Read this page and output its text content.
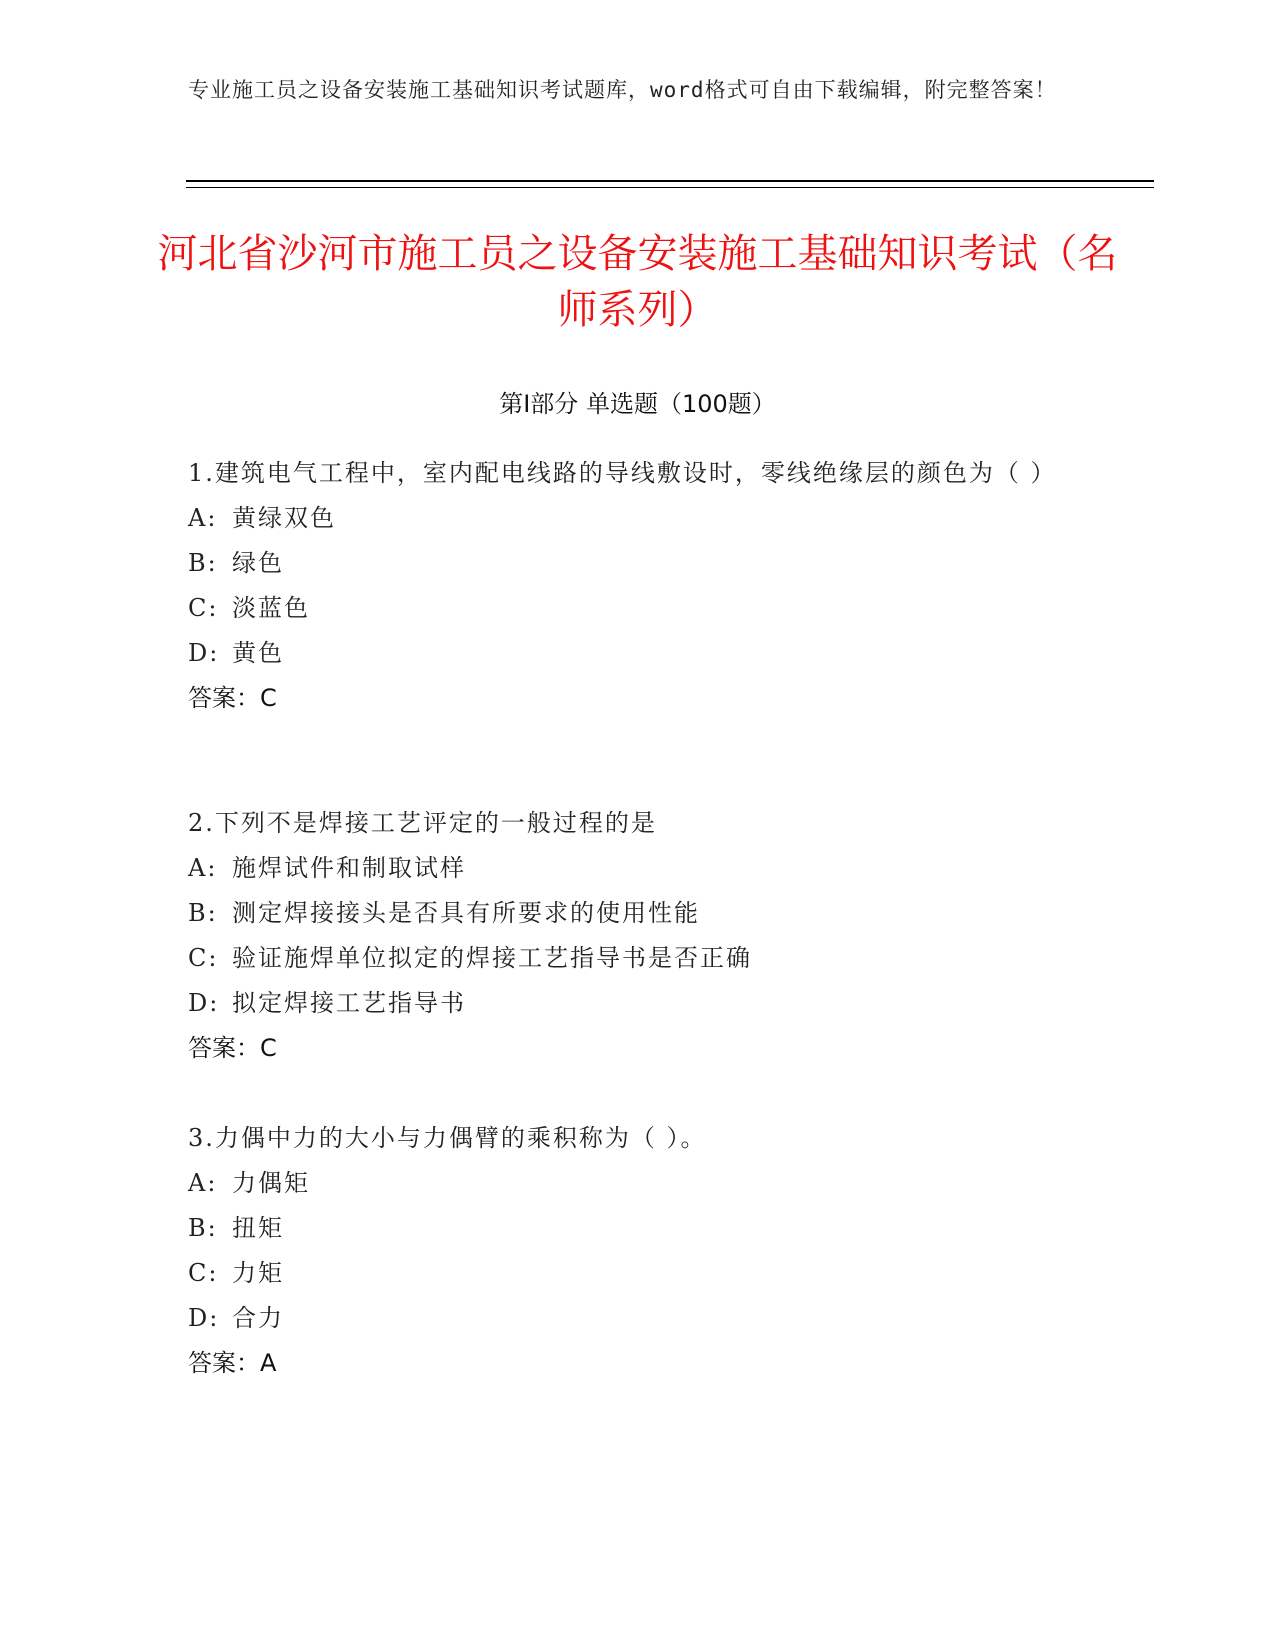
专业施工员之设备安装施工基础知识考试题库，word格式可自由下载编辑，附完整答案！
河北省沙河市施工员之设备安装施工基础知识考试（名师系列）
第Ⅰ部分 单选题（100题）
1.建筑电气工程中，室内配电线路的导线敷设时，零线绝缘层的颜色为（ ）
A: 黄绿双色
B: 绿色
C: 淡蓝色
D: 黄色
答案：C
2.下列不是焊接工艺评定的一般过程的是
A: 施焊试件和制取试样
B: 测定焊接接头是否具有所要求的使用性能
C: 验证施焊单位拟定的焊接工艺指导书是否正确
D: 拟定焊接工艺指导书
答案：C
3.力偶中力的大小与力偶臂的乘积称为（ ）。
A: 力偶矩
B: 扭矩
C: 力矩
D: 合力
答案：A
